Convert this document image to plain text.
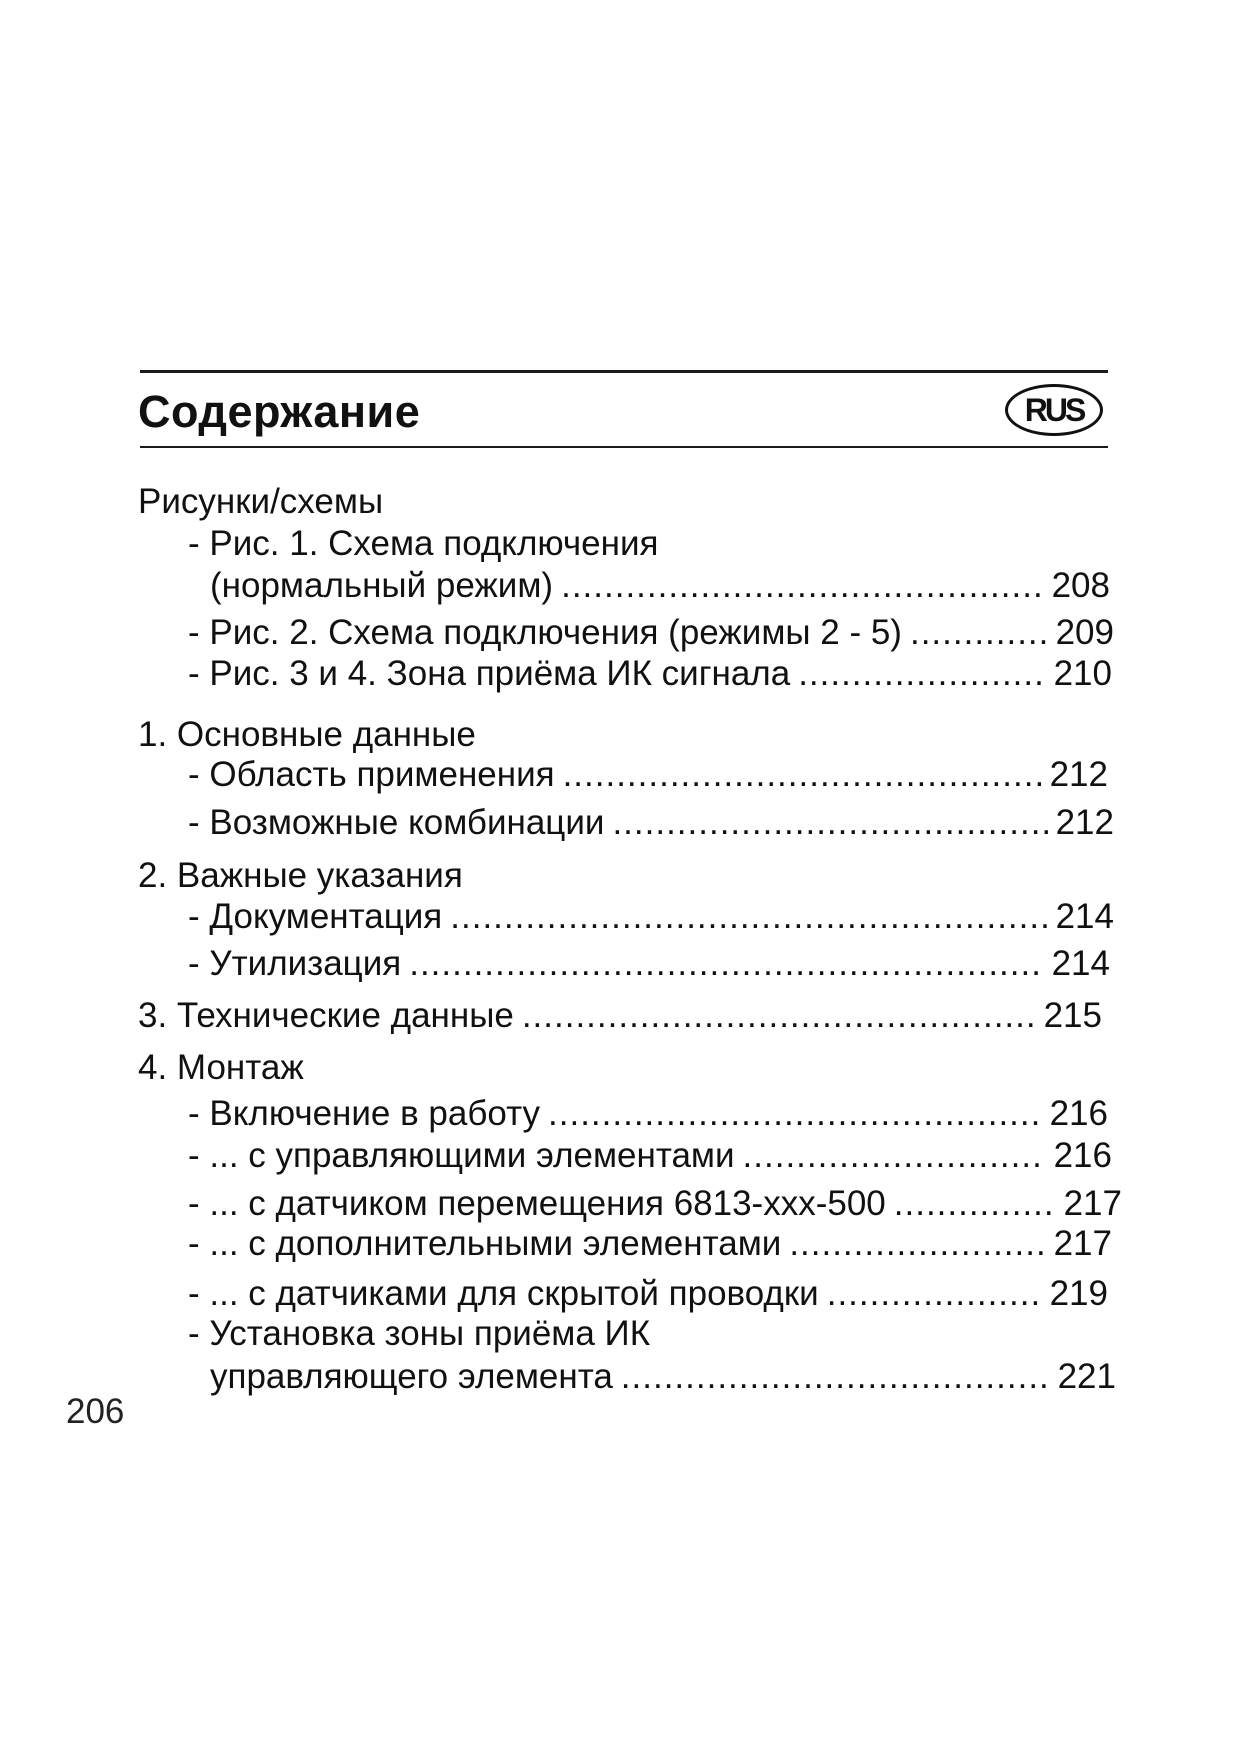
Содержание	RUS
Рисунки/схемы
- Рис. 1. Схема подключения
(нормальный режим) .....	208
- Рис. 2. Схема подключения (режимы 2 - 5) .....	209
- Рис. 3 и 4. Зона приёма ИК сигнала .....	210
1. Основные данные
- Область применения .....	212
- Возможные комбинации .....	212
2. Важные указания
- Документация .....	214
- Утилизация .....	214
3. Технические данные .....	215
4. Монтаж
- Включение в работу .....	216
- ... с управляющими элементами .....	216
- ... с датчиком перемещения 6813-xxx-500 .....	217
- ... с дополнительными элементами .....	217
- ... с датчиками для скрытой проводки .....	219
- Установка зоны приёма ИК
управляющего элемента .....	221
206
